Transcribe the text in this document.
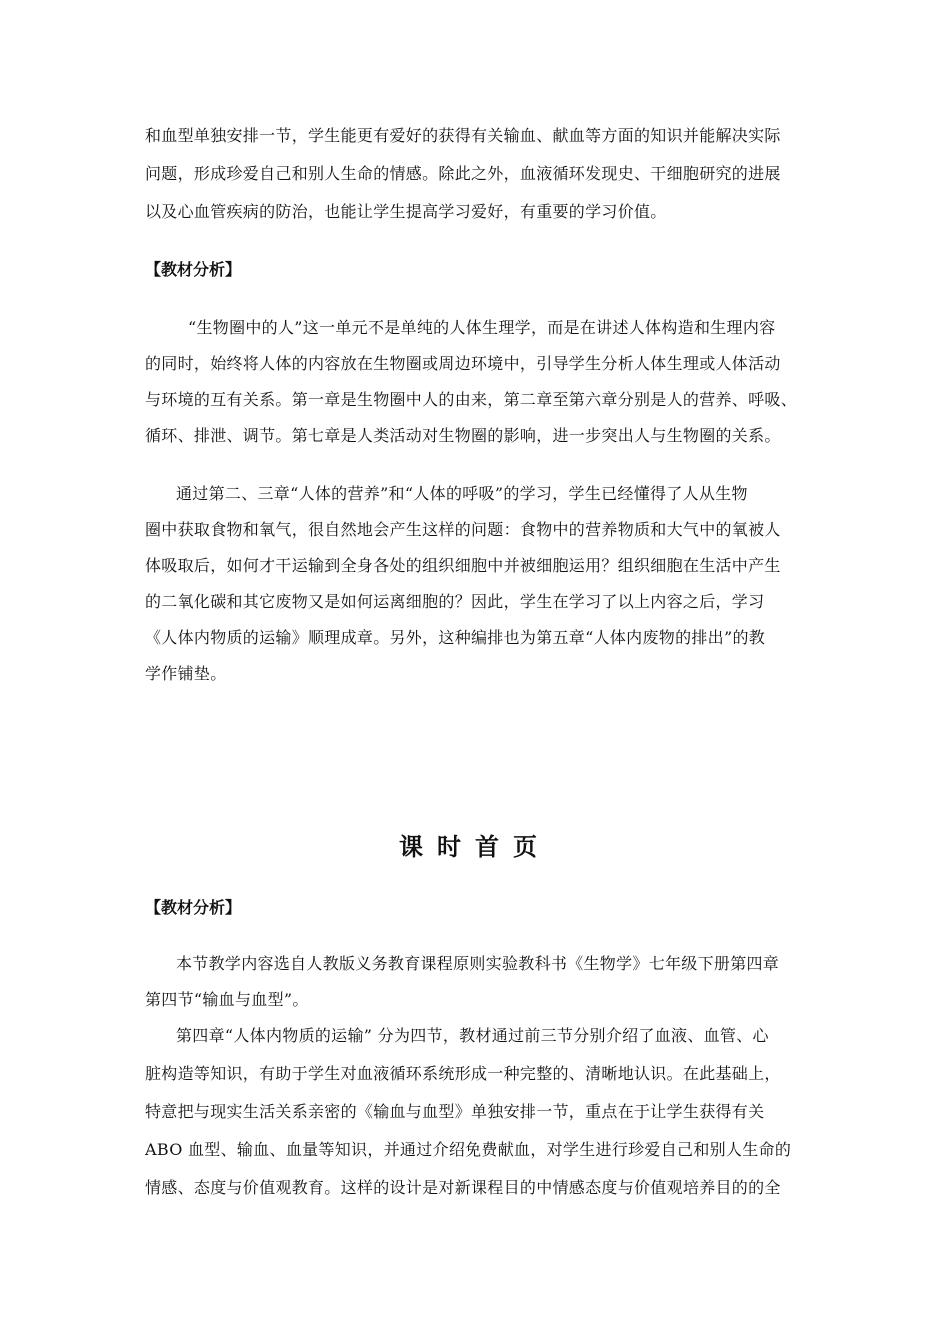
和血型单独安排一节，学生能更有爱好的获得有关输血、献血等方面的知识并能解决实际
问题，形成珍爱自己和别人生命的情感。除此之外，血液循环发现史、干细胞研究的进展
以及心血管疾病的防治，也能让学生提高学习爱好，有重要的学习价值。
【教材分析】
“生物圈中的人”这一单元不是单纯的人体生理学，而是在讲述人体构造和生理内容
的同时，始终将人体的内容放在生物圈或周边环境中，引导学生分析人体生理或人体活动
与环境的互有关系。第一章是生物圈中人的由来，第二章至第六章分别是人的营养、呼吸、
循环、排泄、调节。第七章是人类活动对生物圈的影响，进一步突出人与生物圈的关系。
通过第二、三章“人体的营养”和“人体的呼吸”的学习，学生已经懂得了人从生物
圈中获取食物和氧气，很自然地会产生这样的问题：食物中的营养物质和大气中的氧被人
体吸取后，如何才干运输到全身各处的组织细胞中并被细胞运用？组织细胞在生活中产生
的二氧化碳和其它废物又是如何运离细胞的？因此，学生在学习了以上内容之后，学习
《人体内物质的运输》顺理成章。另外，这种编排也为第五章“人体内废物的排出”的教
学作铺垫。
课时首页
【教材分析】
本节教学内容选自人教版义务教育课程原则实验教科书《生物学》七年级下册第四章
第四节“输血与血型”。
第四章“人体内物质的运输” 分为四节，教材通过前三节分别介绍了血液、血管、心
脏构造等知识，有助于学生对血液循环系统形成一种完整的、清晰地认识。在此基础上，
特意把与现实生活关系亲密的《输血与血型》单独安排一节，重点在于让学生获得有关
ABO 血型、输血、血量等知识，并通过介绍免费献血，对学生进行珍爱自己和别人生命的
情感、态度与价值观教育。这样的设计是对新课程目的中情感态度与价值观培养目的的全
